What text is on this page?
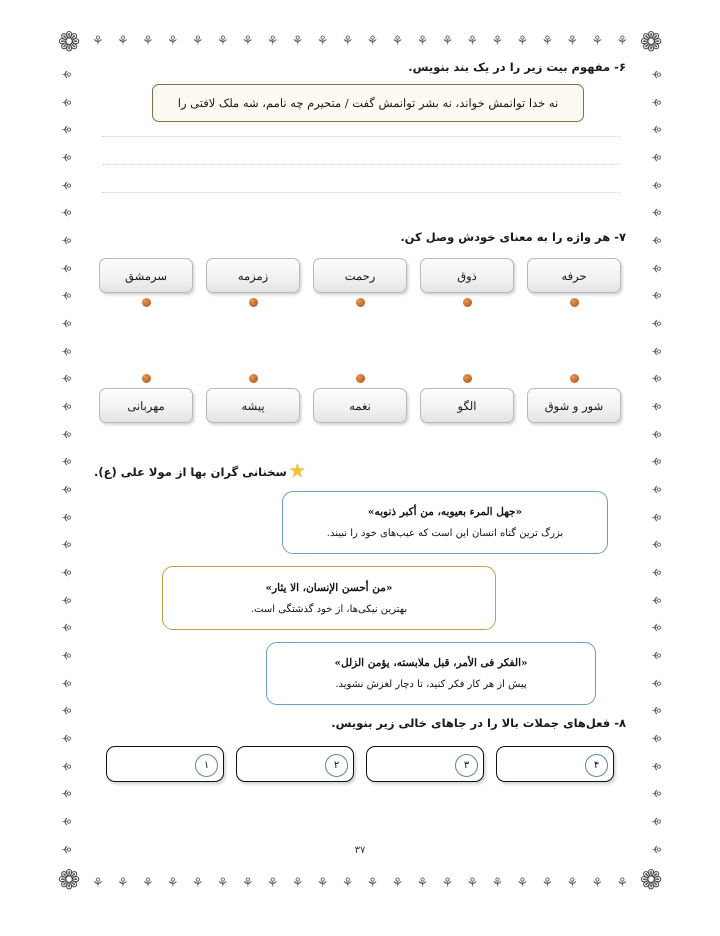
❁	❁
❁	❁
⚘
⚘
⚘
⚘
⚘
⚘
⚘
⚘
⚘
⚘
⚘
⚘
⚘
⚘
⚘
⚘
⚘
⚘
⚘
⚘
⚘
⚘
⚘
⚘
⚘
⚘
⚘
⚘
⚘
⚘
⚘
⚘
⚘
⚘
⚘
⚘
⚘
⚘
⚘
⚘
⚘
⚘
⚘
⚘
⚘
⚘
⚘
⚘
⚘
⚘
⚘
⚘
⚘
⚘
⚘
⚘
⚘
⚘
⚘
⚘
⚘
⚘
⚘
⚘
⚘
⚘
⚘
⚘
⚘
⚘
⚘
⚘
⚘
⚘
⚘
⚘
⚘
⚘
⚘
⚘
⚘
⚘
⚘
⚘
⚘
⚘
⚘
⚘
⚘
⚘
⚘
⚘
⚘
⚘
⚘
⚘
⚘
⚘
⚘
⚘
⚘
⚘

۶- مفهوم بیت زیر را در یک بند بنویس.

نه خدا توانمش خواند، نه بشر توانمش گفت / متحیرم چه نامم، شه ملک لافتی را

۷- هر واژه را به معنای خودش وصل کن.

سرمشق	زمزمه	رحمت	ذوق	حرفه
مهربانی	پیشه	نغمه	الگو	شور و شوق
سخنانی گران بها از مولا علی (ع). ★
«جهل المرء بعیوبه، من أکبر ذنوبه»
بزرگ ترین گناه انسان این است که عیب‌های خود را نبیند.
«من أحسن الإنسان، الا یثار»
بهترین نیکی‌ها، از خود گذشتگی است.
«الفکر فی الأمر، قبل ملابسته، یؤمن الزلل»
پیش از هر کار فکر کنید، تا دچار لغزش نشوید.

۸- فعل‌های جملات بالا را در جاهای خالی زیر بنویس.

۱	۲	۳	۴
۳۷
